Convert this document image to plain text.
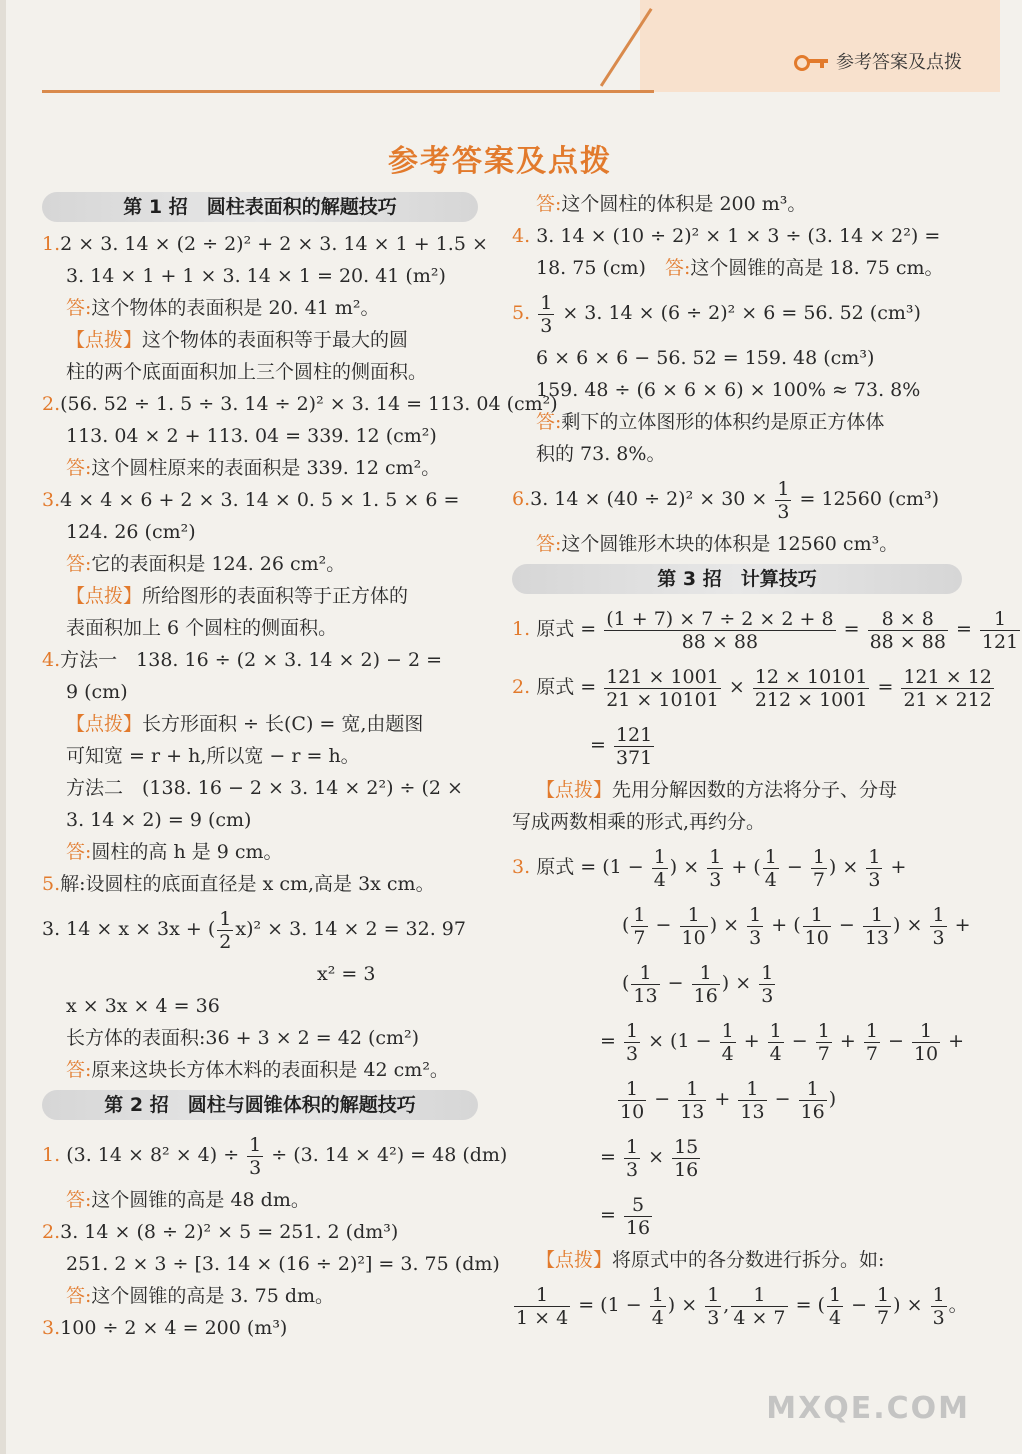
参考答案及点拨
参考答案及点拨
第 1 招　圆柱表面积的解题技巧
1.2 × 3. 14 × (2 ÷ 2)² + 2 × 3. 14 × 1 + 1.5 ×
3. 14 × 1 + 1 × 3. 14 × 1 = 20. 41 (m²)
答:这个物体的表面积是 20. 41 m²。
【点拨】这个物体的表面积等于最大的圆
柱的两个底面面积加上三个圆柱的侧面积。
2.(56. 52 ÷ 1. 5 ÷ 3. 14 ÷ 2)² × 3. 14 = 113. 04 (cm²)
113. 04 × 2 + 113. 04 = 339. 12 (cm²)
答:这个圆柱原来的表面积是 339. 12 cm²。
3.4 × 4 × 6 + 2 × 3. 14 × 0. 5 × 1. 5 × 6 =
124. 26 (cm²)
答:它的表面积是 124. 26 cm²。
【点拨】所给图形的表面积等于正方体的
表面积加上 6 个圆柱的侧面积。
4.方法一　138. 16 ÷ (2 × 3. 14 × 2) − 2 =
9 (cm)
【点拨】长方形面积 ÷ 长(C) = 宽,由题图
可知宽 = r + h,所以宽 − r = h。
方法二　(138. 16 − 2 × 3. 14 × 2²) ÷ (2 ×
3. 14 × 2) = 9 (cm)
答:圆柱的高 h 是 9 cm。
5.解:设圆柱的底面直径是 x cm,高是 3x cm。
3. 14 × x × 3x + ( $\frac{1}{2} x)^2 \times 3$. 14 × 2 = 32. 97
x² = 3
x × 3x × 4 = 36
长方体的表面积:36 + 3 × 2 = 42 (cm²)
答:原来这块长方体木料的表面积是 42 cm²。
第 2 招　圆柱与圆锥体积的解题技巧
1. (3. $14 \times 8^2 \times 4) \div \frac{1}{3} \div (3$. 14 × 4²) = 48 (dm)
答:这个圆锥的高是 48 dm。
2.3. 14 × (8 ÷ 2)² × 5 = 251. 2 (dm³)
251. 2 × 3 ÷ [3. 14 × (16 ÷ 2)²] = 3. 75 (dm)
答:这个圆锥的高是 3. 75 dm。
3.100 ÷ 2 × 4 = 200 (m³)
答:这个圆柱的体积是 200 m³。
4. 3. 14 × (10 ÷ 2)² × 1 × 3 ÷ (3. 14 × 2²) =
18. 75 (cm)　 答:这个圆锥的高是 18. 75 cm。
5. $\frac{1}{3} \times 3$. 14 × (6 ÷ 2)² × 6 = 56. 52 (cm³)
6 × 6 × 6 − 56. 52 = 159. 48 (cm³)
159. 48 ÷ (6 × 6 × 6) × 100% ≈ 73. 8%
答:剩下的立体图形的体积约是原正方体体
积的 73. 8%。
6.3. $14 \times (40 \div 2)^2 \times 30 \times \frac{1}{3} = 12560$ (cm³)
答:这个圆锥形木块的体积是 12560 cm³。
第 3 招　计算技巧
1. 原式 = $\frac{(1 + 7) \times 7 \div 2 \times 2 + 8}{88 \times 88} = \frac{8 \times 8}{88 \times 88} = \frac{1}{121}$
2. 原式 = $\frac{121 \times 1001}{21 \times 10101} \times \frac{12 \times 10101}{212 \times 1001} = \frac{121 \times 12}{21 \times 212}$
= $\frac{121}{371}$
【点拨】先用分解因数的方法将分子、分母
写成两数相乘的形式,再约分。
3. 原式 = ($1 - \frac{1}{4}$ ) × $\frac{1}{3}$ + ( $\frac{1}{4} - \frac{1}{7}$ ) × $\frac{1}{3}$ +
( $\frac{1}{7} - \frac{1}{10}$ ) × $\frac{1}{3}$ + ( $\frac{1}{10} - \frac{1}{13}$ ) × $\frac{1}{3}$ +
( $\frac{1}{13} - \frac{1}{16}$ ) × $\frac{1}{3}$
= $\frac{1}{3} \times (1 - \frac{1}{4} + \frac{1}{4} - \frac{1}{7} + \frac{1}{7} - \frac{1}{10}$ +
$\frac{1}{10} - \frac{1}{13} + \frac{1}{13} - \frac{1}{16}$ )
= $\frac{1}{3} \times \frac{15}{16}$
= $\frac{5}{16}$
【点拨】将原式中的各分数进行拆分。如:
$\frac{1}{1 \times 4} = (1 - \frac{1}{4}$ ) × $\frac{1}{3}$ , $\frac{1}{4 \times 7}$ = ( $\frac{1}{4} - \frac{1}{7}$ ) × $\frac{1}{3}$ 。
MXQE.COM
